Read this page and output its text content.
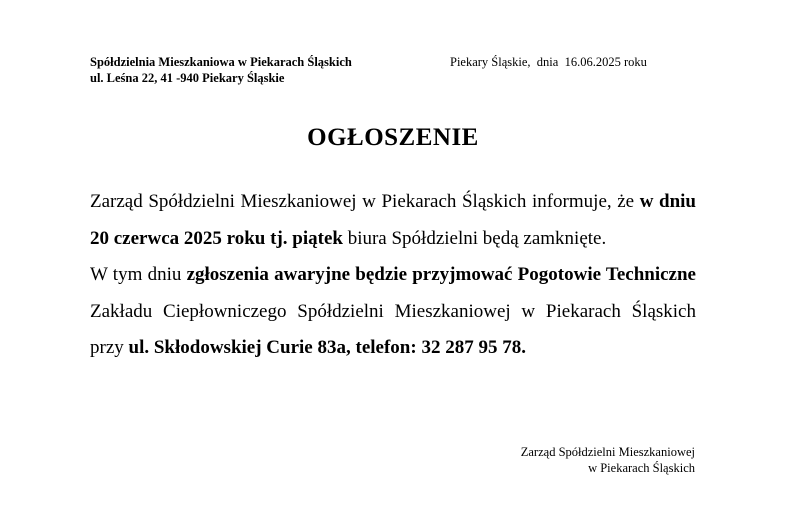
Spółdzielnia Mieszkaniowa w Piekarach Śląskich
ul. Leśna 22, 41 -940 Piekary Śląskie
Piekary Śląskie,  dnia  16.06.2025 roku
OGŁOSZENIE

Zarząd Spółdzielni Mieszkaniowej w Piekarach Śląskich informuje, że w dniu 20 czerwca 2025 roku tj. piątek biura Spółdzielni będą zamknięte.

W tym dniu zgłoszenia awaryjne będzie przyjmować Pogotowie Techniczne Zakładu Ciepłowniczego Spółdzielni Mieszkaniowej w Piekarach Śląskich przy ul. Skłodowskiej Curie 83a, telefon: 32 287 95 78.

Zarząd Spółdzielni Mieszkaniowej
w Piekarach Śląskich
